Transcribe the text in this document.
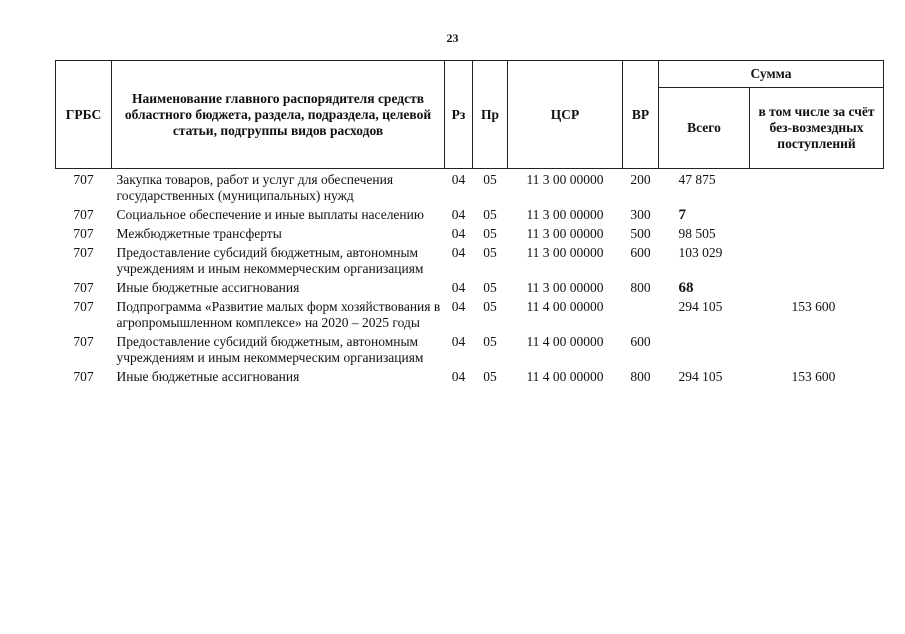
23
ГРБС	Наименование главного распорядителя средств областного бюджета, раздела, подраздела, целевой статьи, подгруппы видов расходов	Рз	Пр	ЦСР	ВР	Сумма	
						Всего	в том числе за счёт без-возмездных поступлений
707	Закупка товаров, работ и услуг для обеспечения государственных (муниципальных) нужд	04	05	11 3 00 00000	200	47 875	
707	Социальное обеспечение и иные выплаты населению	04	05	11 3 00 00000	300	7	
707	Межбюджетные трансферты	04	05	11 3 00 00000	500	98 505	
707	Предоставление субсидий бюджетным, автономным учреждениям и иным некоммерческим организациям	04	05	11 3 00 00000	600	103 029	
707	Иные бюджетные ассигнования	04	05	11 3 00 00000	800	68	
707	Подпрограмма «Развитие малых форм хозяйствования в агропромышленном комплексе» на 2020 – 2025 годы	04	05	11 4 00 00000		294 105	153 600
707	Предоставление субсидий бюджетным, автономным учреждениям и иным некоммерческим организациям	04	05	11 4 00 00000	600		
707	Иные бюджетные ассигнования	04	05	11 4 00 00000	800	294 105	153 600
